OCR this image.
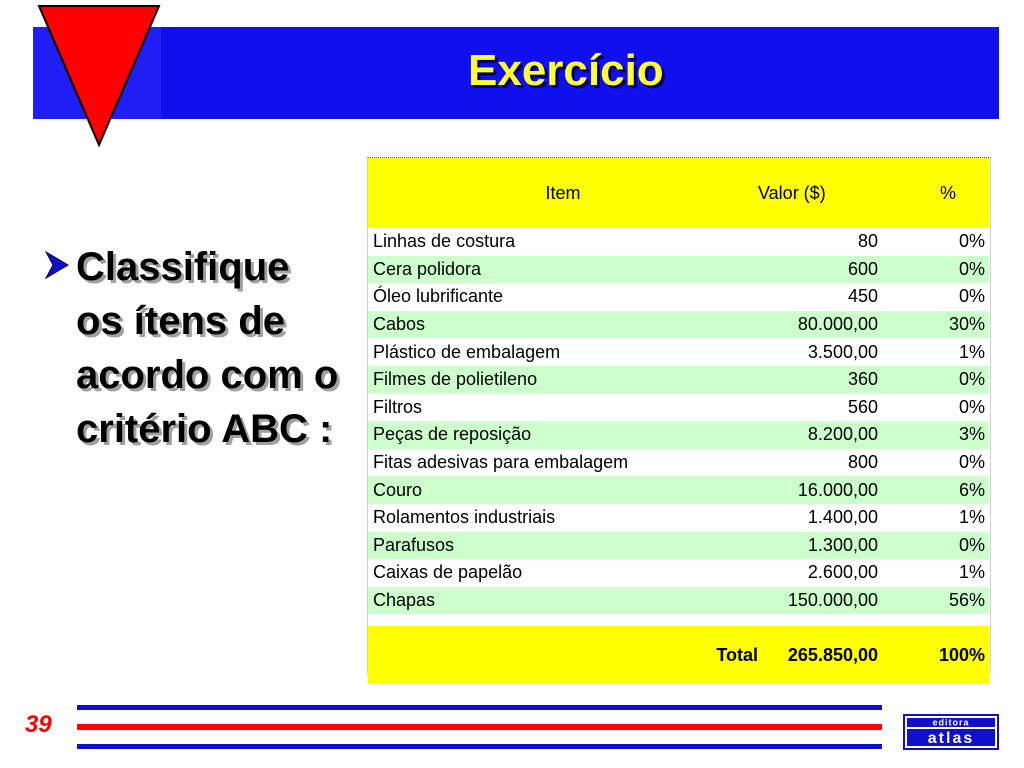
Exercício

Classifique os ítens de acordo com o critério ABC :

Item	Valor ($)	%
Linhas de costura	80	0%
Cera polidora	600	0%
Óleo lubrificante	450	0%
Cabos	80.000,00	30%
Plástico de embalagem	3.500,00	1%
Filmes de polietileno	360	0%
Filtros	560	0%
Peças de reposição	8.200,00	3%
Fitas adesivas para embalagem	800	0%
Couro	16.000,00	6%
Rolamentos industriais	1.400,00	1%
Parafusos	1.300,00	0%
Caixas de papelão	2.600,00	1%
Chapas	150.000,00	56%

Total	265.850,00	100%
39	editora
atlas
